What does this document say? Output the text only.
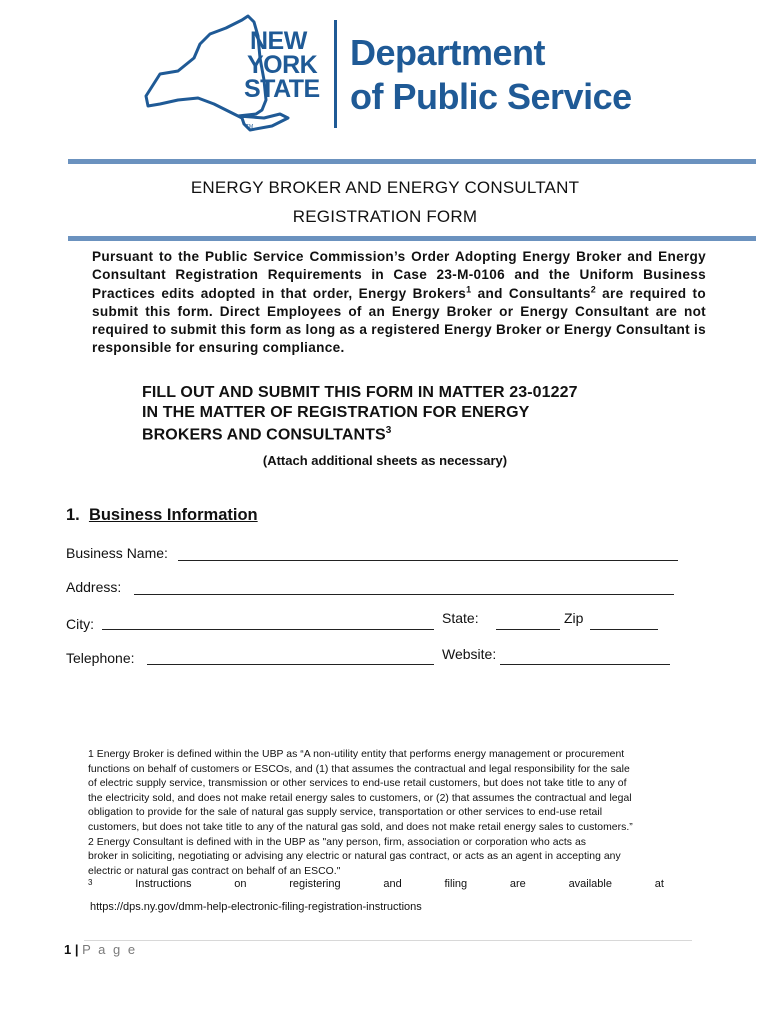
TM
NEW
YORK
STATE
Department
of Public Service
ENERGY BROKER AND ENERGY CONSULTANT
REGISTRATION FORM
Pursuant to the Public Service Commission’s Order Adopting Energy Broker and Energy Consultant Registration Requirements in Case 23-M-0106 and the Uniform Business Practices edits adopted in that order, Energy Brokers$^1$ and Consultants$^2$ are required to submit this form. Direct Employees of an Energy Broker or Energy Consultant are not required to submit this form as long as a registered Energy Broker or Energy Consultant is responsible for ensuring compliance.
FILL OUT AND SUBMIT THIS FORM IN MATTER 23-01227
IN THE MATTER OF REGISTRATION FOR ENERGY
BROKERS AND CONSULTANTS$^3$
(Attach additional sheets as necessary)
1. Business Information
Business Name:
Address:
City:	State:	Zip
Telephone:	Website:
1 Energy Broker is defined within the UBP as “A non-utility entity that performs energy management or procurement
functions on behalf of customers or ESCOs, and (1) that assumes the contractual and legal responsibility for the sale
of electric supply service, transmission or other services to end-use retail customers, but does not take title to any of
the electricity sold, and does not make retail energy sales to customers, or (2) that assumes the contractual and legal
obligation to provide for the sale of natural gas supply service, transportation or other services to end-use retail
customers, but does not take title to any of the natural gas sold, and does not make retail energy sales to customers.”
2 Energy Consultant is defined with in the UBP as "any person, firm, association or corporation who acts as
broker in soliciting, negotiating or advising any electric or natural gas contract, or acts as an agent in accepting any
electric or natural gas contract on behalf of an ESCO."
3	Instructions	on	registering	and	filing	are	available	at
https://dps.ny.gov/dmm-help-electronic-filing-registration-instructions
1 | P a g e
